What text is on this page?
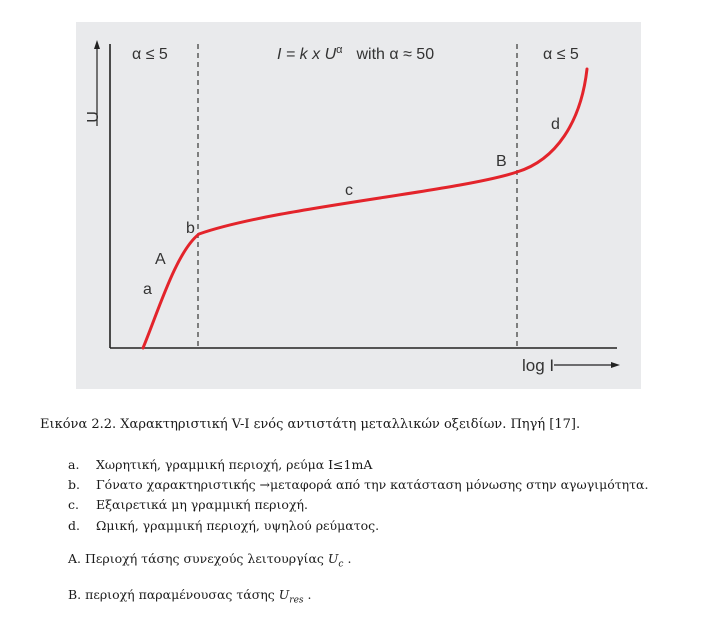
U
log I
α ≤ 5	I = k x $U^\alpha$ with α ≈ 50	α ≤ 5
a
A
b
c
B
d
Εικόνα 2.2. Χαρακτηριστική V-I ενός αντιστάτη μεταλλικών οξειδίων. Πηγή [17].
a.	Χωρητική, γραμμική περιοχή, ρεύμα I≤1mA
b.	Γόνατο χαρακτηριστικής →μεταφορά από την κατάσταση μόνωσης στην αγωγιμότητα.
c.	Εξαιρετικά μη γραμμική περιοχή.
d.	Ωμική, γραμμική περιοχή, υψηλού ρεύματος.
A. Περιοχή τάσης συνεχούς λειτουργίας $U_c$ .
B. περιοχή παραμένουσας τάσης $U_{res}$ .
